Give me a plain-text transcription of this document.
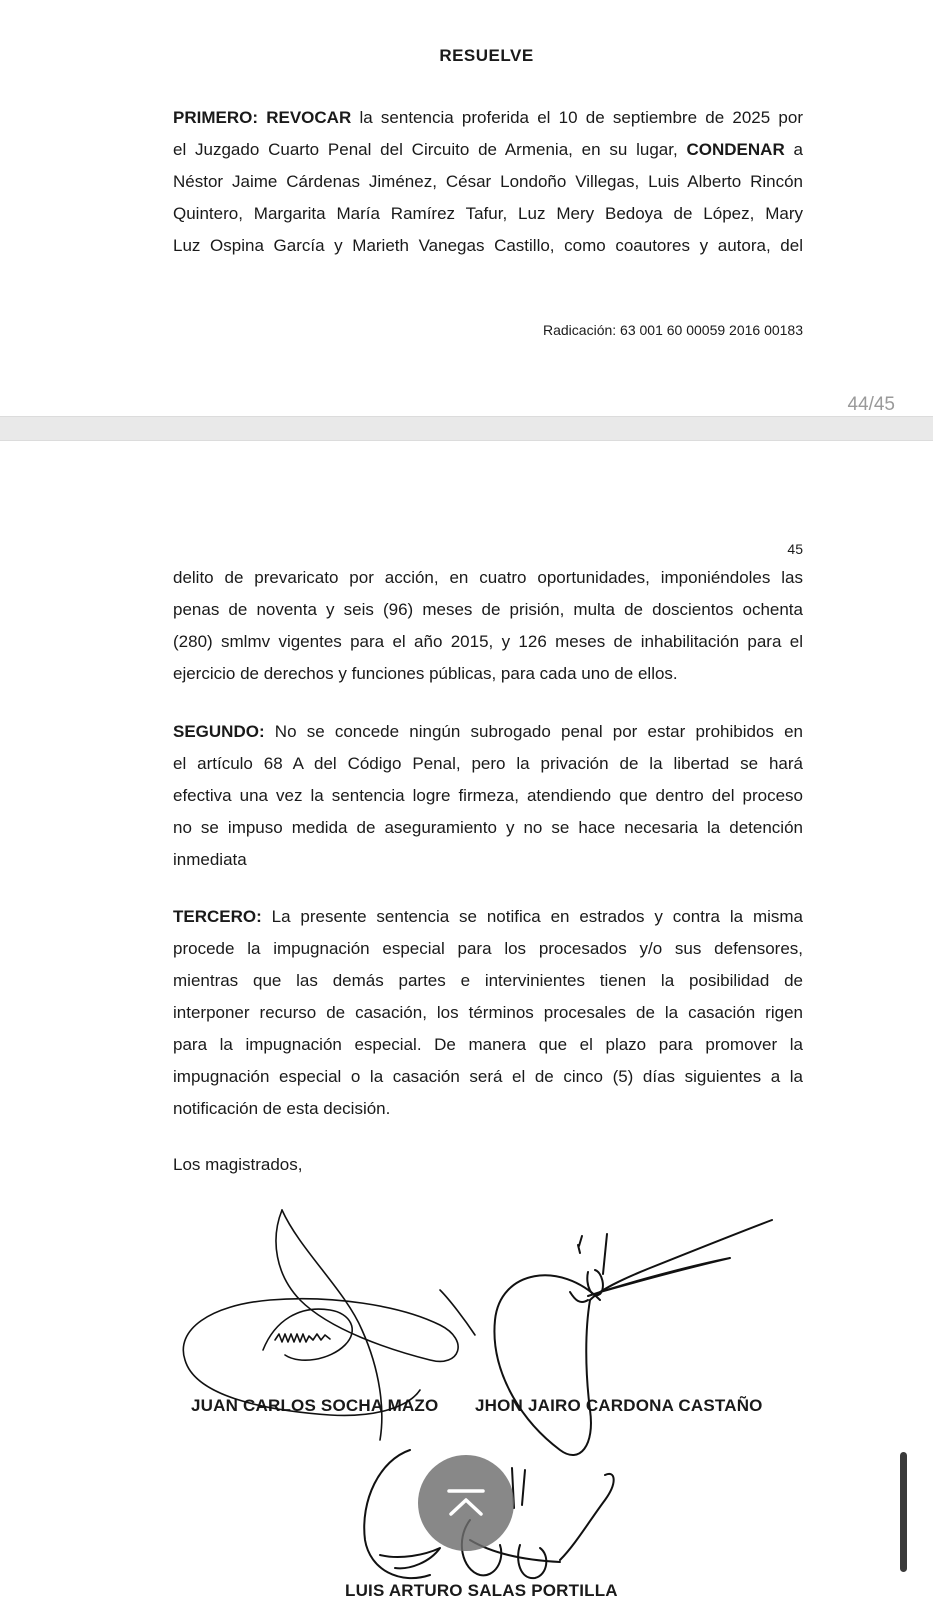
RESUELVE
PRIMERO: REVOCAR la sentencia proferida el 10 de septiembre de 2025 por
el Juzgado Cuarto Penal del Circuito de Armenia, en su lugar, CONDENAR a
Néstor Jaime Cárdenas Jiménez, César Londoño Villegas, Luis Alberto Rincón
Quintero, Margarita María Ramírez Tafur, Luz Mery Bedoya de López, Mary
Luz Ospina García y Marieth Vanegas Castillo, como coautores y autora, del
Radicación: 63 001 60 00059 2016 00183
44/45
45
delito de prevaricato por acción, en cuatro oportunidades, imponiéndoles las
penas de noventa y seis (96) meses de prisión, multa de doscientos ochenta
(280) smlmv vigentes para el año 2015, y 126 meses de inhabilitación para el
ejercicio de derechos y funciones públicas, para cada uno de ellos.
SEGUNDO: No se concede ningún subrogado penal por estar prohibidos en
el artículo 68 A del Código Penal, pero la privación de la libertad se hará
efectiva una vez la sentencia logre firmeza, atendiendo que dentro del proceso
no se impuso medida de aseguramiento y no se hace necesaria la detención
inmediata
TERCERO: La presente sentencia se notifica en estrados y contra la misma
procede la impugnación especial para los procesados y/o sus defensores,
mientras que las demás partes e intervinientes tienen la posibilidad de
interponer recurso de casación, los términos procesales de la casación rigen
para la impugnación especial. De manera que el plazo para promover la
impugnación especial o la casación será el de cinco (5) días siguientes a la
notificación de esta decisión.
Los magistrados,
JUAN CARLOS SOCHA MAZO JHON JAIRO CARDONA CASTAÑO
LUIS ARTURO SALAS PORTILLA
